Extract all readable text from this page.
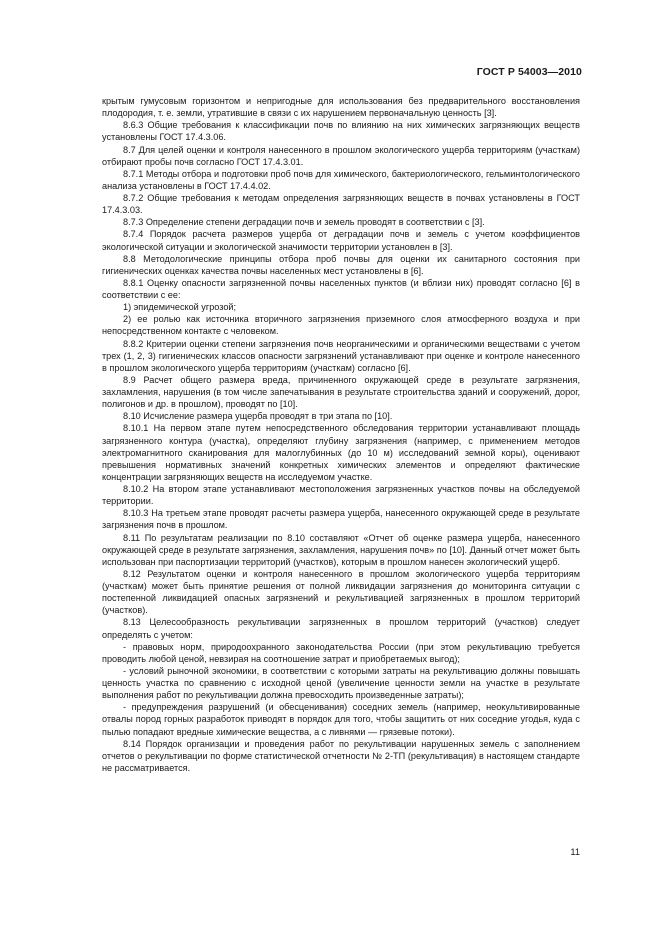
ГОСТ Р 54003—2010

крытым гумусовым горизонтом и непригодные для использования без предварительного восстановления плодородия, т. е. земли, утратившие в связи с их нарушением первоначальную ценность [3].

8.6.3 Общие требования к классификации почв по влиянию на них химических загрязняющих веществ установлены ГОСТ 17.4.3.06.

8.7 Для целей оценки и контроля нанесенного в прошлом экологического ущерба территориям (участкам) отбирают пробы почв согласно ГОСТ 17.4.3.01.

8.7.1 Методы отбора и подготовки проб почв для химического, бактериологического, гельминтологического анализа установлены в ГОСТ 17.4.4.02.

8.7.2 Общие требования к методам определения загрязняющих веществ в почвах установлены в ГОСТ 17.4.3.03.

8.7.3 Определение степени деградации почв и земель проводят в соответствии с [3].

8.7.4 Порядок расчета размеров ущерба от деградации почв и земель с учетом коэффициентов экологической ситуации и экологической значимости территории установлен в [3].

8.8 Методологические принципы отбора проб почвы для оценки их санитарного состояния при гигиенических оценках качества почвы населенных мест установлены в [6].

8.8.1 Оценку опасности загрязненной почвы населенных пунктов (и вблизи них) проводят согласно [6] в соответствии с ее:

1) эпидемической угрозой;

2) ее ролью как источника вторичного загрязнения приземного слоя атмосферного воздуха и при непосредственном контакте с человеком.

8.8.2 Критерии оценки степени загрязнения почв неорганическими и органическими веществами с учетом трех (1, 2, 3) гигиенических классов опасности загрязнений устанавливают при оценке и контроле нанесенного в прошлом экологического ущерба территориям (участкам) согласно [6].

8.9 Расчет общего размера вреда, причиненного окружающей среде в результате загрязнения, захламления, нарушения (в том числе запечатывания в результате строительства зданий и сооружений, дорог, полигонов и др. в прошлом), проводят по [10].

8.10 Исчисление размера ущерба проводят в три этапа по [10].

8.10.1 На первом этапе путем непосредственного обследования территории устанавливают площадь загрязненного контура (участка), определяют глубину загрязнения (например, с применением методов электромагнитного сканирования для малоглубинных (до 10 м) исследований земной коры), оценивают превышения нормативных значений конкретных химических элементов и определяют фактические концентрации загрязняющих веществ на исследуемом участке.

8.10.2 На втором этапе устанавливают местоположения загрязненных участков почвы на обследуемой территории.

8.10.3 На третьем этапе проводят расчеты размера ущерба, нанесенного окружающей среде в результате загрязнения почв в прошлом.

8.11 По результатам реализации по 8.10 составляют «Отчет об оценке размера ущерба, нанесенного окружающей среде в результате загрязнения, захламления, нарушения почв» по [10]. Данный отчет может быть использован при паспортизации территорий (участков), которым в прошлом нанесен экологический ущерб.

8.12 Результатом оценки и контроля нанесенного в прошлом экологического ущерба территориям (участкам) может быть принятие решения от полной ликвидации загрязнения до мониторинга ситуации с постепенной ликвидацией опасных загрязнений и рекультивацией загрязненных в прошлом территорий (участков).

8.13 Целесообразность рекультивации загрязненных в прошлом территорий (участков) следует определять с учетом:

- правовых норм, природоохранного законодательства России (при этом рекультивацию требуется проводить любой ценой, невзирая на соотношение затрат и приобретаемых выгод);

- условий рыночной экономики, в соответствии с которыми затраты на рекультивацию должны повышать ценность участка по сравнению с исходной ценой (увеличение ценности земли на участке в результате выполнения работ по рекультивации должна превосходить произведенные затраты);

- предупреждения разрушений (и обесценивания) соседних земель (например, неокультивированные отвалы пород горных разработок приводят в порядок для того, чтобы защитить от них соседние угодья, куда с пылью попадают вредные химические вещества, а с ливнями — грязевые потоки).

8.14 Порядок организации и проведения работ по рекультивации нарушенных земель с заполнением отчетов о рекультивации по форме статистической отчетности № 2-ТП (рекультивация) в настоящем стандарте не рассматривается.

11
